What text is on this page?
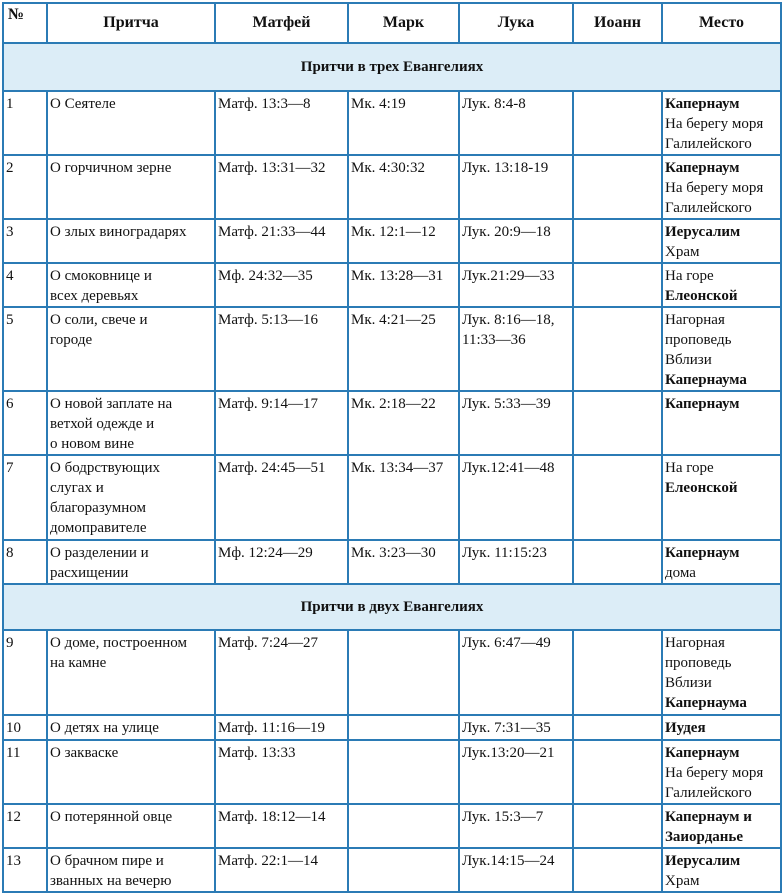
№	Притча	Матфей	Марк	Лука	Иоанн	Место
Притчи в трех Евангелиях						
1	О Сеятеле	Матф. 13:3—8	Мк. 4:19	Лук. 8:4-8		Капернаум
На берегу моря
Галилейского

2	О горчичном зерне	Матф. 13:31—32	Мк. 4:30:32	Лук. 13:18-19		Капернаум
На берегу моря
Галилейского

3	О злых виноградарях	Матф. 21:33—44	Мк. 12:1—12	Лук. 20:9—18		Иерусалим
Храм

4	О смоковнице и
всех деревьях	Мф. 24:32—35	Мк. 13:28—31	Лук.21:29—33		На горе
Елеонской

5	О соли, свече и
городе	Матф. 5:13—16	Мк. 4:21—25	Лук. 8:16—18,
11:33—36		Нагорная
проповедь
Вблизи
Капернаума

6	О новой заплате на
ветхой одежде и
о новом вине	Матф. 9:14—17	Мк. 2:18—22	Лук. 5:33—39		Капернаум

7	О бодрствующих
слугах и
благоразумном
домоправителе	Матф. 24:45—51	Мк. 13:34—37	Лук.12:41—48		На горе
Елеонской

8	О разделении и
расхищении	Мф. 12:24—29	Мк. 3:23—30	Лук. 11:15:23		Капернаум
дома

Притчи в двух Евангелиях						
9	О доме, построенном
на камне	Матф. 7:24—27		Лук. 6:47—49		Нагорная
проповедь
Вблизи
Капернаума

10	О детях на улице	Матф. 11:16—19		Лук. 7:31—35		Иудея

11	О закваске	Матф. 13:33		Лук.13:20—21		Капернаум
На берегу моря
Галилейского

12	О потерянной овце	Матф. 18:12—14		Лук. 15:3—7		Капернаум и
Заиорданье

13	О брачном пире и
званных на вечерю	Матф. 22:1—14		Лук.14:15—24		Иерусалим
Храм
